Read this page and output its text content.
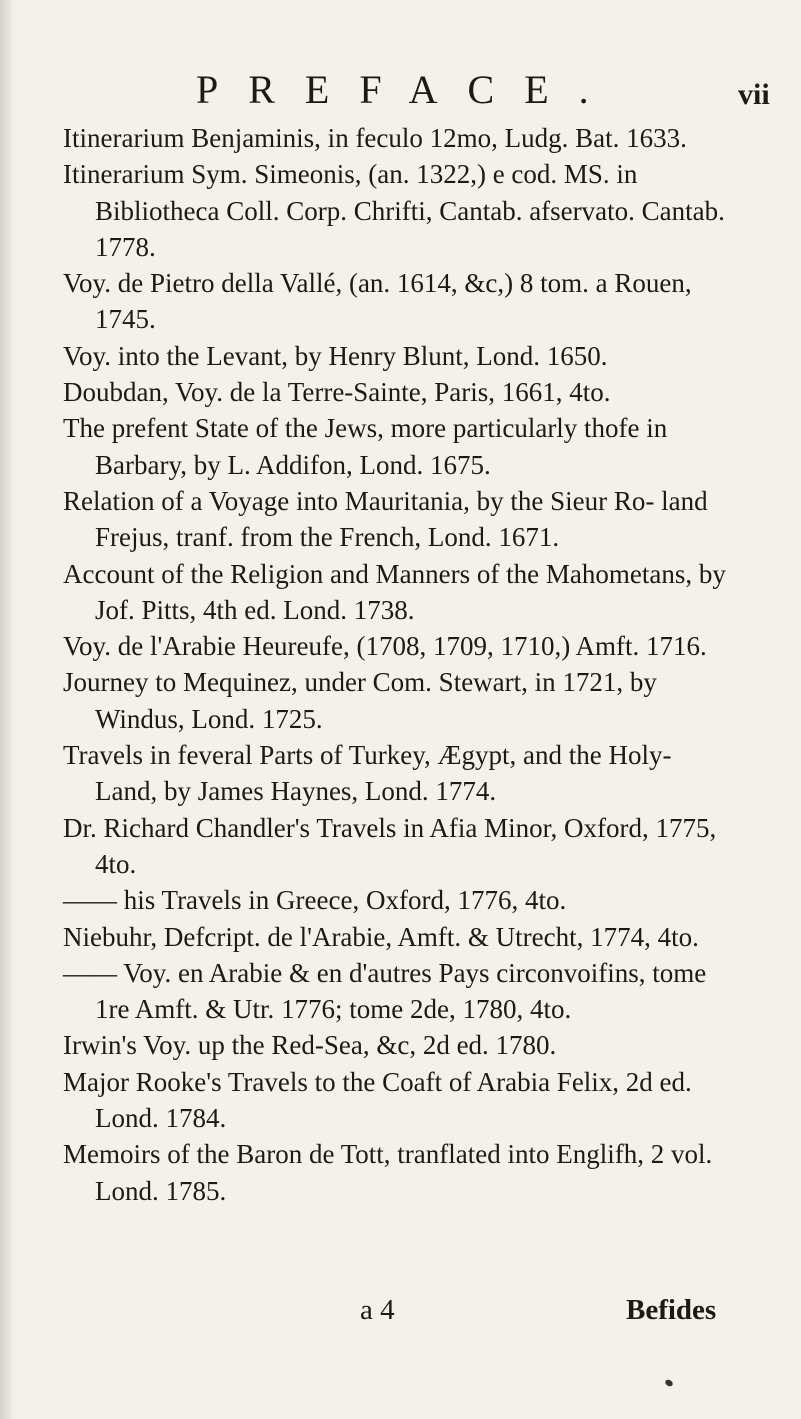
PREFACE.	vii

Itinerarium Benjaminis, in feculo 12mo, Ludg. Bat. 1633.

Itinerarium Sym. Simeonis, (an. 1322,) e cod. MS. in Bibliotheca Coll. Corp. Chrifti, Cantab. afservato. Cantab. 1778.

Voy. de Pietro della Vallé, (an. 1614, &c,) 8 tom. a Rouen, 1745.

Voy. into the Levant, by Henry Blunt, Lond. 1650.

Doubdan, Voy. de la Terre-Sainte, Paris, 1661, 4to.

The prefent State of the Jews, more particularly thofe in Barbary, by L. Addifon, Lond. 1675.

Relation of a Voyage into Mauritania, by the Sieur Ro- land Frejus, tranf. from the French, Lond. 1671.

Account of the Religion and Manners of the Mahometans, by Jof. Pitts, 4th ed. Lond. 1738.

Voy. de l'Arabie Heureufe, (1708, 1709, 1710,) Amft. 1716.

Journey to Mequinez, under Com. Stewart, in 1721, by Windus, Lond. 1725.

Travels in feveral Parts of Turkey, Ægypt, and the Holy- Land, by James Haynes, Lond. 1774.

Dr. Richard Chandler's Travels in Afia Minor, Oxford, 1775, 4to.

—— his Travels in Greece, Oxford, 1776, 4to.

Niebuhr, Defcript. de l'Arabie, Amft. & Utrecht, 1774, 4to.

—— Voy. en Arabie & en d'autres Pays circonvoifins, tome 1re Amft. & Utr. 1776; tome 2de, 1780, 4to.

Irwin's Voy. up the Red-Sea, &c, 2d ed. 1780.

Major Rooke's Travels to the Coaft of Arabia Felix, 2d ed. Lond. 1784.

Memoirs of the Baron de Tott, tranflated into Englifh, 2 vol. Lond. 1785.

a 4	Befides
